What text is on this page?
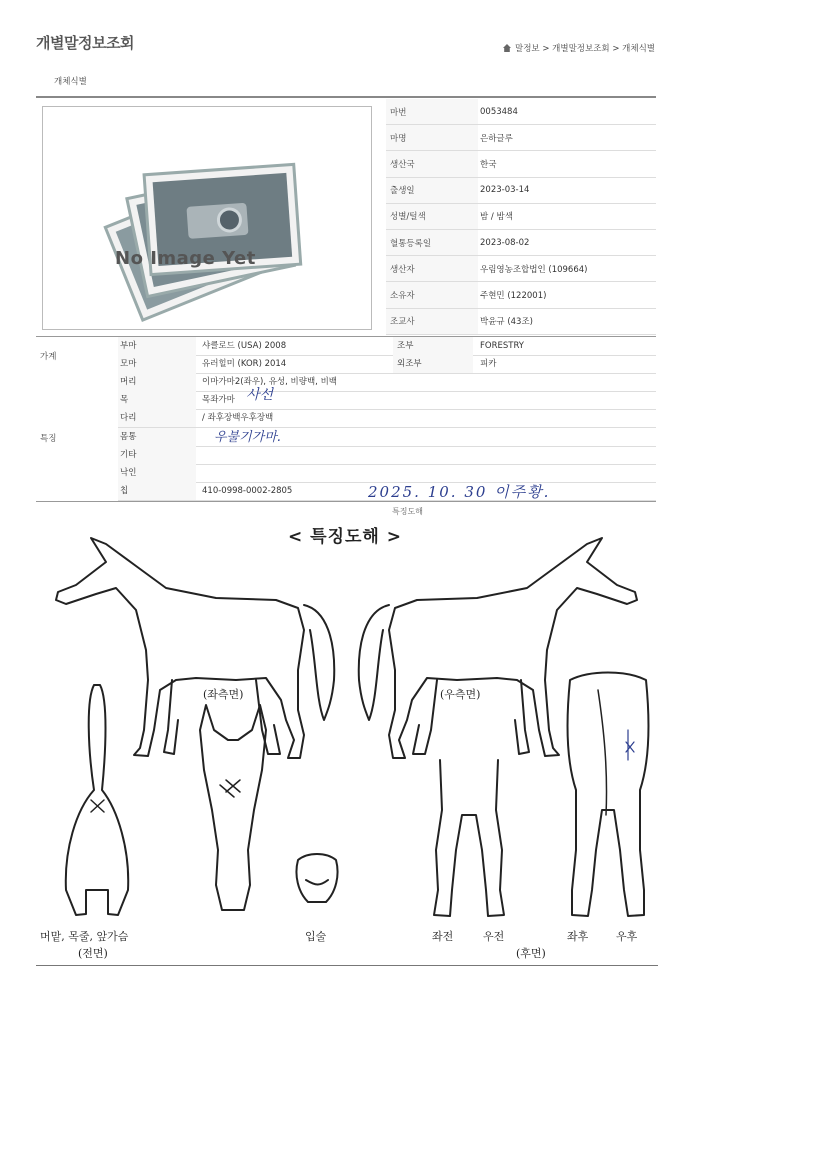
개별말정보조회	말정보 > 개별말정보조회 > 개체식별
개체식별
No Image Yet
마번	0053484
마명	은하글루
생산국	한국
출생일	2023-03-14
성별/털색	밤 / 밤색
혈통등록일	2023-08-02
생산자	우림영농조합법인 (109664)
소유자	주현민 (122001)
조교사	박윤규 (43조)
가계
부마	샤클로드 (USA) 2008	조부	FORESTRY
모마	유러힐미 (KOR) 2014	외조부	피카
특징
머리	이마가마2(좌우), 유성, 비량백, 비백
목	목좌가마
다리	/ 좌후장백우후장백
몸통
기타
낙인
칩	410-0998-0002-2805
사선
우불기가마.
2025. 10. 30 이주황.
특징도해
< 특징도해 >
(좌측면)	(우측면)
머맡, 목줄, 앞가슴
(전면)
입술	좌전	우전	좌후	우후
(후면)
